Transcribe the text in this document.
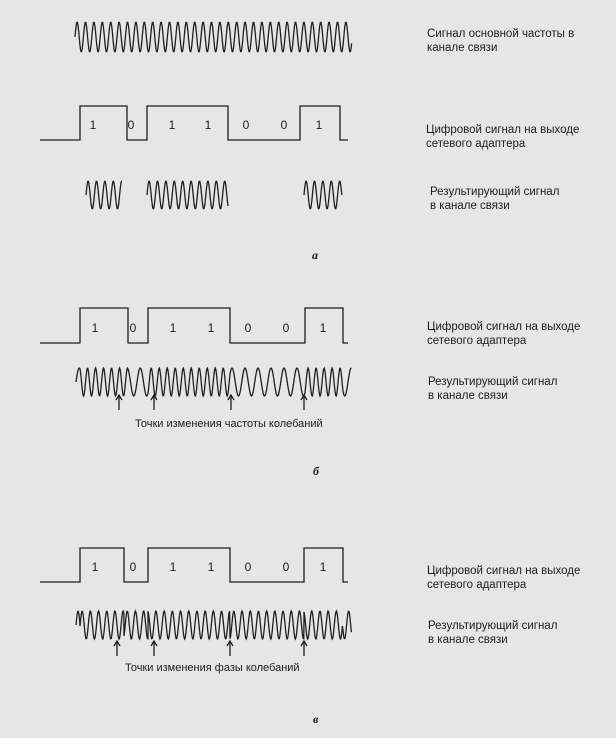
Сигнал основной частоты в
канале связи
1	0	1	1	0	0	1	Цифровой сигнал на выходе
сетевого адаптера
Результирующий сигнал
в канале связи
а
1	0	1	1	0	0	1	Цифровой сигнал на выходе
сетевого адаптера
Результирующий сигнал
в канале связи
Точки изменения частоты колебаний
б
1	0	1	1	0	0	1	Цифровой сигнал на выходе
сетевого адаптера
Результирующий сигнал
в канале связи
Точки изменения фазы колебаний
в
